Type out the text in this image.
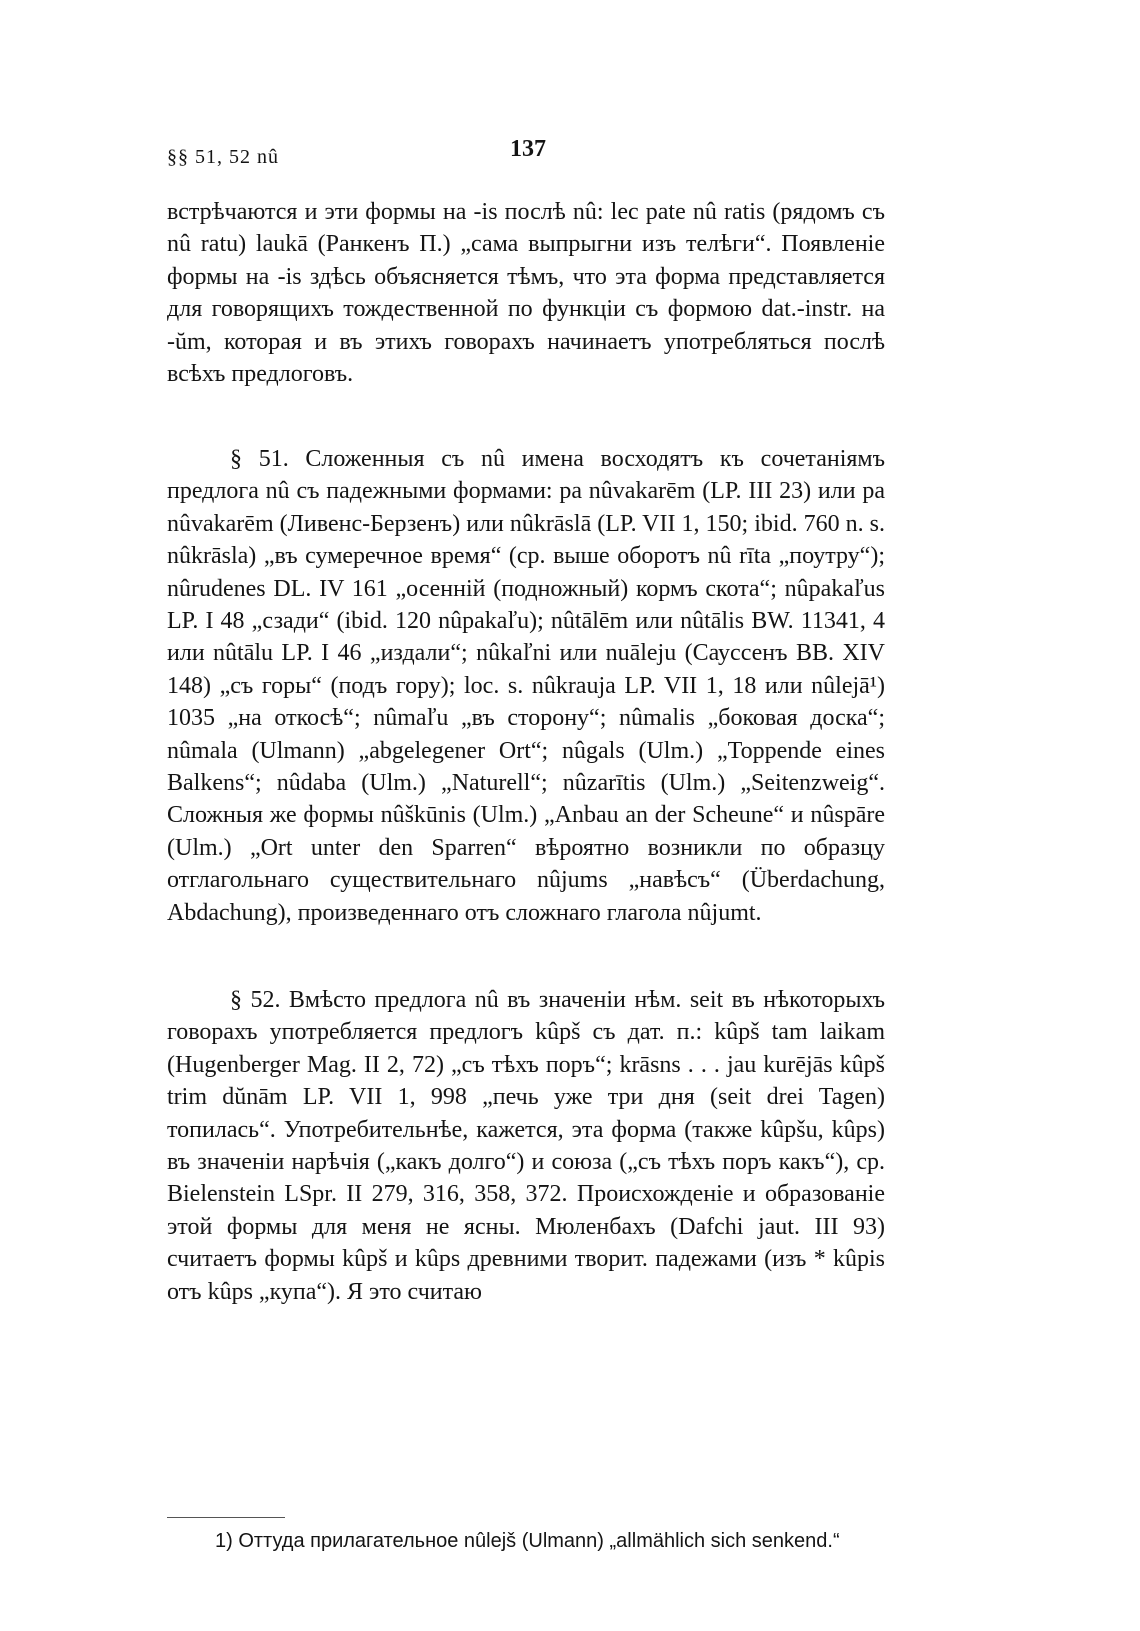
§§ 51, 52 nû	137

встрѣчаются и эти формы на -is послѣ nû: lec pate nû ratis (рядомъ съ nû ratu) laukā (Ранкенъ П.) „сама выпрыгни изъ телѣги“. Появленіе формы на -is здѣсь объясняется тѣмъ, что эта форма представляется для говорящихъ тождественной по функціи съ формою dat.-instr. на -ŭm, которая и въ этихъ говорахъ начинаетъ употребляться послѣ всѣхъ предлоговъ.

§ 51. Сложенныя съ nû имена восходятъ къ сочетаніямъ предлога nû съ падежными формами: pa nûvakarēm (LP. III 23) или pa nûvakarēm (Ливенс-Берзенъ) или nûkrāslā (LP. VII 1, 150; ibid. 760 n. s. nûkrāsla) „въ сумеречное время“ (ср. выше оборотъ nû rīta „поутру“); nûrudenes DL. IV 161 „осенній (подножный) кормъ скота“; nûpakaľus LP. I 48 „сзади“ (ibid. 120 nûpakaľu); nûtālēm или nûtālis BW. 11341, 4 или nûtālu LP. I 46 „издали“; nûkaľni или nuāleju (Сауссенъ BB. XIV 148) „съ горы“ (подъ гору); loc. s. nûkrauja LP. VII 1, 18 или nûlejā¹) 1035 „на откосѣ“; nûmaľu „въ сторону“; nûmalis „боковая доска“; nûmala (Ulmann) „abgelegener Ort“; nûgals (Ulm.) „Toppende eines Balkens“; nûdaba (Ulm.) „Naturell“; nûzarītis (Ulm.) „Seitenzweig“. Сложныя же формы nûškūnis (Ulm.) „Anbau an der Scheune“ и nûspāre (Ulm.) „Ort unter den Sparren“ вѣроятно возникли по образцу отглагольнаго существительнаго nûjums „навѣсъ“ (Überdachung, Abdachung), произведеннаго отъ сложнаго глагола nûjumt.

§ 52. Вмѣсто предлога nû въ значеніи нѣм. seit въ нѣкоторыхъ говорахъ употребляется предлогъ kûpš съ дат. п.: kûpš tam laikam (Hugenberger Mag. II 2, 72) „съ тѣхъ поръ“; krāsns . . . jau kurējās kûpš trim dŭnām LP. VII 1, 998 „печь уже три дня (seit drei Tagen) топилась“. Употребительнѣе, кажется, эта форма (также kûpšu, kûps) въ значеніи нарѣчія („какъ долго“) и союза („съ тѣхъ поръ какъ“), ср. Bielenstein LSpr. II 279, 316, 358, 372. Происхожденіе и образованіе этой формы для меня не ясны. Мюленбахъ (Dafchi jaut. III 93) считаетъ формы kûpš и kûps древними творит. падежами (изъ * kûpis отъ kûps „купа“). Я это считаю

1) Оттуда прилагательное nûlejš (Ulmann) „allmählich sich senkend.“
